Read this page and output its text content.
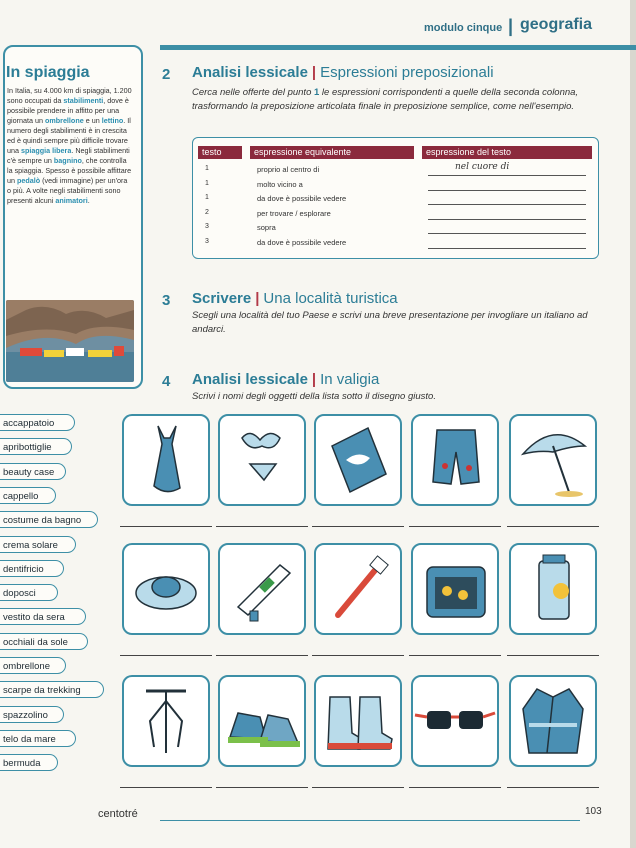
modulo cinque | geografia
In spiaggia
In Italia, su 4.000 km di spiaggia, 1.200 sono occupati da stabilimenti, dove è possibile prendere in affitto per una giornata un ombrellone e un lettino. Il numero degli stabilimenti è in crescita ed è quindi sempre più difficile trovare una spiaggia libera. Negli stabilimenti c'è sempre un bagnino, che controlla la spiaggia. Spesso è possibile affittare un pedalò (vedi immagine) per un'ora o più. A volte negli stabilimenti sono presenti alcuni animatori.
2 Analisi lessicale | Espressioni preposizionali
Cerca nelle offerte del punto 1 le espressioni corrispondenti a quelle della seconda colonna, trasformando la preposizione articolata finale in preposizione semplice, come nell'esempio.
testo	espressione equivalente	espressione del testo
1	proprio al centro di	nel cuore di
1	molto vicino a
1	da dove è possibile vedere
2	per trovare / esplorare
3	sopra
3	da dove è possibile vedere
3 Scrivere | Una località turistica
Scegli una località del tuo Paese e scrivi una breve presentazione per invogliare un italiano ad andarci.
4 Analisi lessicale | In valigia
Scrivi i nomi degli oggetti della lista sotto il disegno giusto.
accappatoio
apribottiglie
beauty case
cappello
costume da bagno
crema solare
dentifricio
doposci
vestito da sera
occhiali da sole
ombrellone
scarpe da trekking
spazzolino
telo da mare
bermuda
centotré	103
